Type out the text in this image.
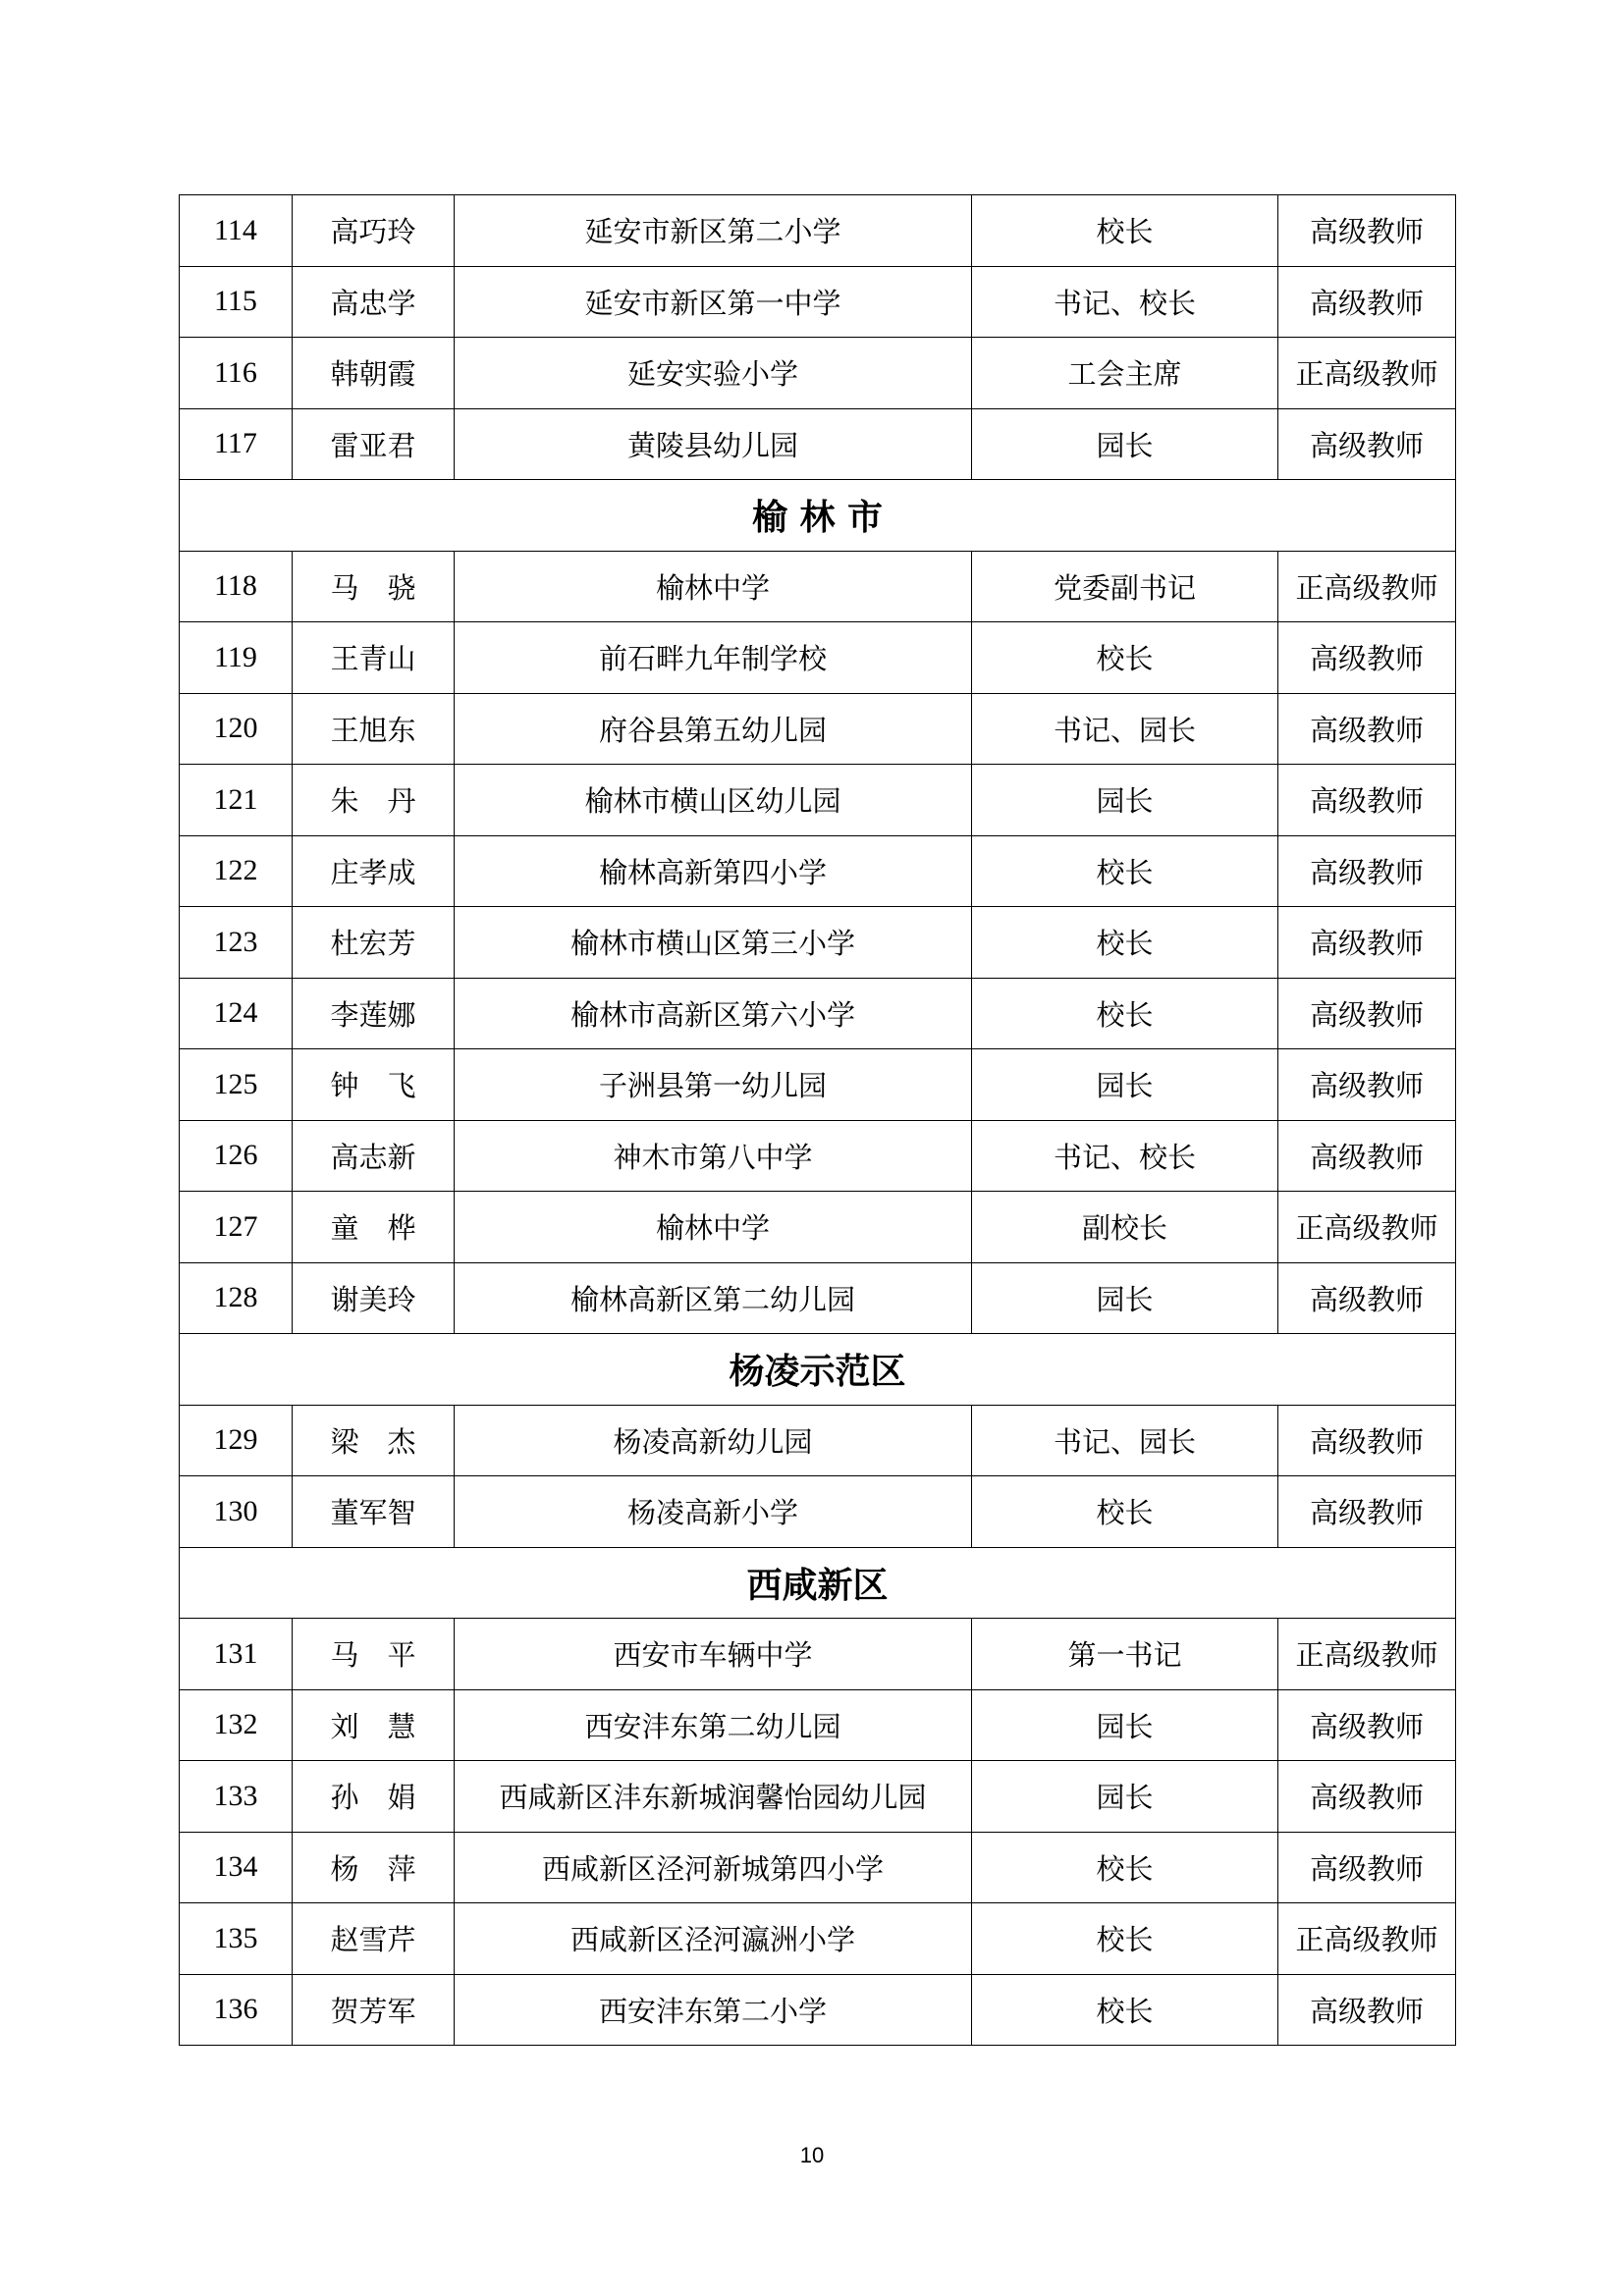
114	高巧玲	延安市新区第二小学	校长	高级教师
115	高忠学	延安市新区第一中学	书记、校长	高级教师
116	韩朝霞	延安实验小学	工会主席	正高级教师
117	雷亚君	黄陵县幼儿园	园长	高级教师
榆 林 市				
118	马　骁	榆林中学	党委副书记	正高级教师
119	王青山	前石畔九年制学校	校长	高级教师
120	王旭东	府谷县第五幼儿园	书记、园长	高级教师
121	朱　丹	榆林市横山区幼儿园	园长	高级教师
122	庄孝成	榆林高新第四小学	校长	高级教师
123	杜宏芳	榆林市横山区第三小学	校长	高级教师
124	李莲娜	榆林市高新区第六小学	校长	高级教师
125	钟　飞	子洲县第一幼儿园	园长	高级教师
126	高志新	神木市第八中学	书记、校长	高级教师
127	童　桦	榆林中学	副校长	正高级教师
128	谢美玲	榆林高新区第二幼儿园	园长	高级教师
杨凌示范区				
129	梁　杰	杨凌高新幼儿园	书记、园长	高级教师
130	董军智	杨凌高新小学	校长	高级教师
西咸新区				
131	马　平	西安市车辆中学	第一书记	正高级教师
132	刘　慧	西安沣东第二幼儿园	园长	高级教师
133	孙　娟	西咸新区沣东新城润馨怡园幼儿园	园长	高级教师
134	杨　萍	西咸新区泾河新城第四小学	校长	高级教师
135	赵雪芹	西咸新区泾河瀛洲小学	校长	正高级教师
136	贺芳军	西安沣东第二小学	校长	高级教师
10
